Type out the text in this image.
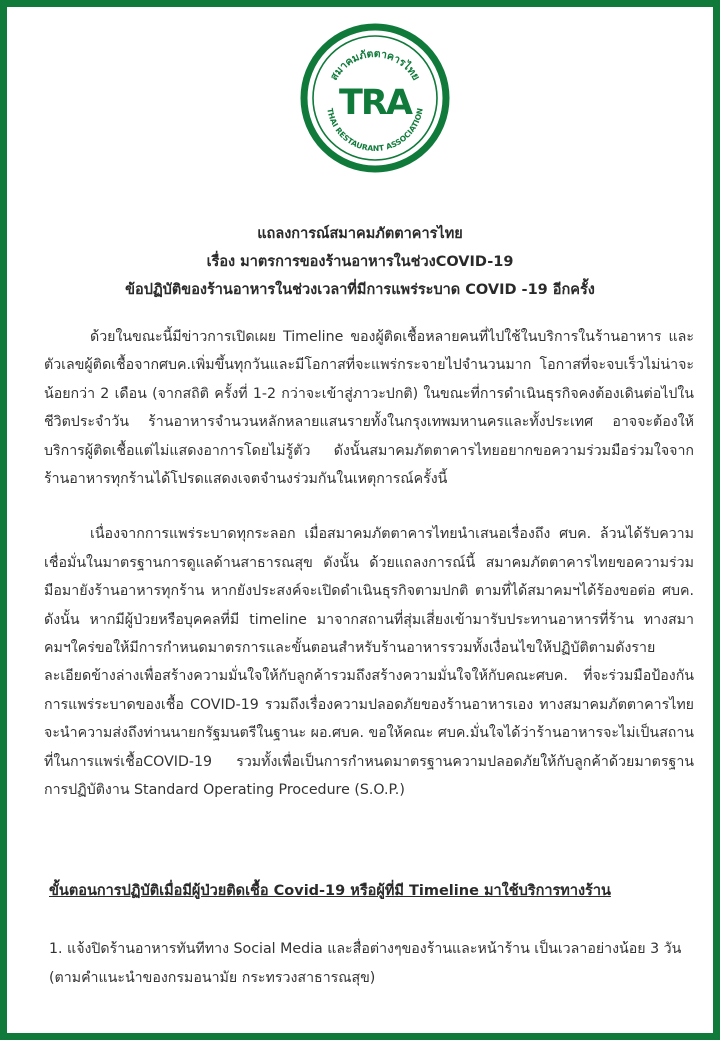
สมาคมภัตตาคารไทย
TRA
THAI RESTAURANT ASSOCIATION
แถลงการณ์สมาคมภัตตาคารไทย
เรื่อง มาตรการของร้านอาหารในช่วงCOVID-19
ข้อปฏิบัติของร้านอาหารในช่วงเวลาที่มีการแพร่ระบาด COVID -19 อีกครั้ง

ด้วยในขณะนี้มีข่าวการเปิดเผย Timeline ของผู้ติดเชื้อหลายคนที่ไปใช้ในบริการในร้านอาหาร และตัวเลขผู้ติดเชื้อจากศบค.เพิ่มขึ้นทุกวันและมีโอกาสที่จะแพร่กระจายไปจำนวนมาก โอกาสที่จะจบเร็วไม่น่าจะน้อยกว่า 2 เดือน (จากสถิติ ครั้งที่ 1-2 กว่าจะเข้าสู่ภาวะปกติ) ในขณะที่การดำเนินธุรกิจคงต้องเดินต่อไปในชีวิตประจำวัน ร้านอาหารจำนวนหลักหลายแสนรายทั้งในกรุงเทพมหานครและทั้งประเทศ อาจจะต้องให้บริการผู้ติดเชื้อแต่ไม่แสดงอาการโดยไม่รู้ตัว ดังนั้นสมาคมภัตตาคารไทยอยากขอความร่วมมือร่วมใจจากร้านอาหารทุกร้านได้โปรดแสดงเจตจำนงร่วมกันในเหตุการณ์ครั้งนี้

เนื่องจากการแพร่ระบาดทุกระลอก เมื่อสมาคมภัตตาคารไทยนำเสนอเรื่องถึง ศบค. ล้วนได้รับความเชื่อมั่นในมาตรฐานการดูแลด้านสาธารณสุข ดังนั้น ด้วยแถลงการณ์นี้ สมาคมภัตตาคารไทยขอความร่วมมือมายังร้านอาหารทุกร้าน หากยังประสงค์จะเปิดดำเนินธุรกิจตามปกติ ตามที่ได้สมาคมฯได้ร้องขอต่อ ศบค. ดังนั้น หากมีผู้ป่วยหรือบุคคลที่มี timeline มาจากสถานที่สุ่มเสี่ยงเข้ามารับประทานอาหารที่ร้าน ทางสมาคมฯใคร่ขอให้มีการกำหนดมาตรการและขั้นตอนสำหรับร้านอาหารรวมทั้งเงื่อนไขให้ปฏิบัติตามดังรายละเอียดข้างล่างเพื่อสร้างความมั่นใจให้กับลูกค้ารวมถึงสร้างความมั่นใจให้กับคณะศบค. ที่จะร่วมมือป้องกันการแพร่ระบาดของเชื้อ COVID-19 รวมถึงเรื่องความปลอดภัยของร้านอาหารเอง ทางสมาคมภัตตาคารไทยจะนำความส่งถึงท่านนายกรัฐมนตรีในฐานะ ผอ.ศบค. ขอให้คณะ ศบค.มั่นใจได้ว่าร้านอาหารจะไม่เป็นสถานที่ในการแพร่เชื้อCOVID-19 รวมทั้งเพื่อเป็นการกำหนดมาตรฐานความปลอดภัยให้กับลูกค้าด้วยมาตรฐานการปฏิบัติงาน Standard Operating Procedure (S.O.P.)

ขั้นตอนการปฏิบัติเมื่อมีผู้ป่วยติดเชื้อ Covid-19 หรือผู้ที่มี Timeline มาใช้บริการทางร้าน
1. แจ้งปิดร้านอาหารทันทีทาง Social Media และสื่อต่างๆของร้านและหน้าร้าน เป็นเวลาอย่างน้อย 3 วัน (ตามคำแนะนำของกรมอนามัย กระทรวงสาธารณสุข)
